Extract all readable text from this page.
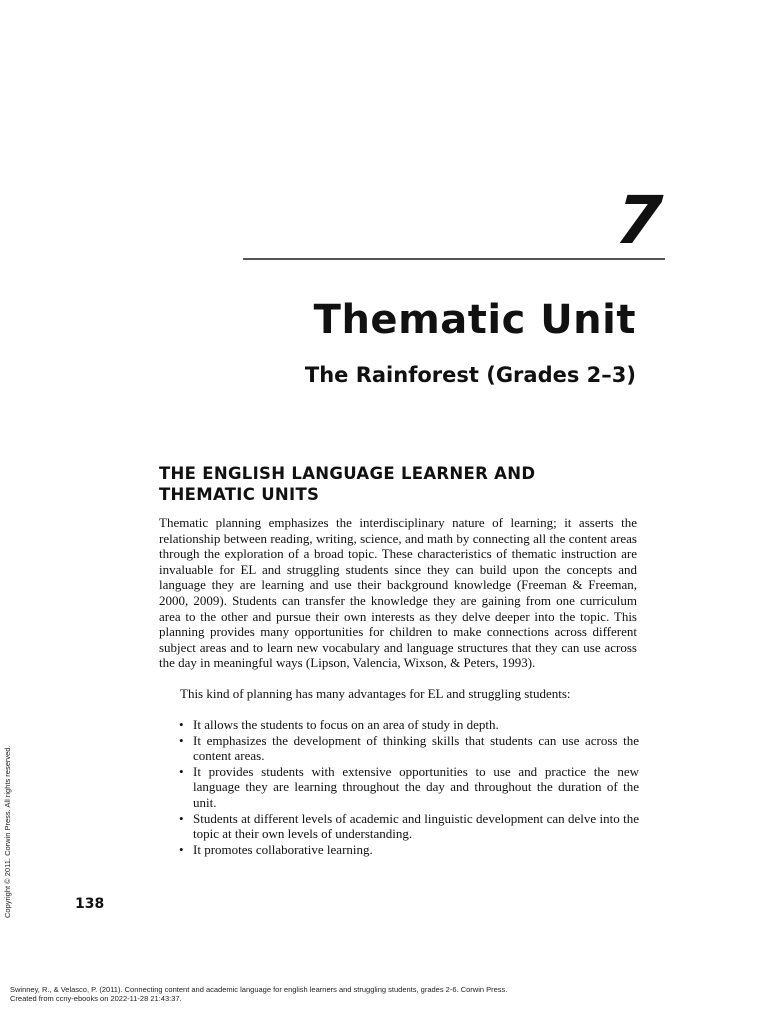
7
Thematic Unit
The Rainforest (Grades 2–3)
THE ENGLISH LANGUAGE LEARNER AND
THEMATIC UNITS

Thematic planning emphasizes the interdisciplinary nature of learning; it asserts the relationship between reading, writing, science, and math by connecting all the content areas through the exploration of a broad topic. These characteristics of thematic instruction are invaluable for EL and struggling students since they can build upon the concepts and language they are learning and use their background knowledge (Freeman & Freeman, 2000, 2009). Students can transfer the knowledge they are gaining from one curriculum area to the other and pursue their own interests as they delve deeper into the topic. This planning provides many opportunities for children to make connections across different subject areas and to learn new vocabulary and language structures that they can use across the day in meaningful ways (Lipson, Valencia, Wixson, & Peters, 1993).

This kind of planning has many advantages for EL and struggling students:

• It allows the students to focus on an area of study in depth.
• It emphasizes the development of thinking skills that students can use across the content areas.
• It provides students with extensive opportunities to use and practice the new language they are learning throughout the day and throughout the duration of the unit.
• Students at different levels of academic and linguistic development can delve into the topic at their own levels of understanding.
• It promotes collaborative learning.
138
Copyright © 2011. Corwin Press. All rights reserved.
Swinney, R., & Velasco, P. (2011). Connecting content and academic language for english learners and struggling students, grades 2-6. Corwin Press.
Created from ccny-ebooks on 2022-11-28 21:43:37.
